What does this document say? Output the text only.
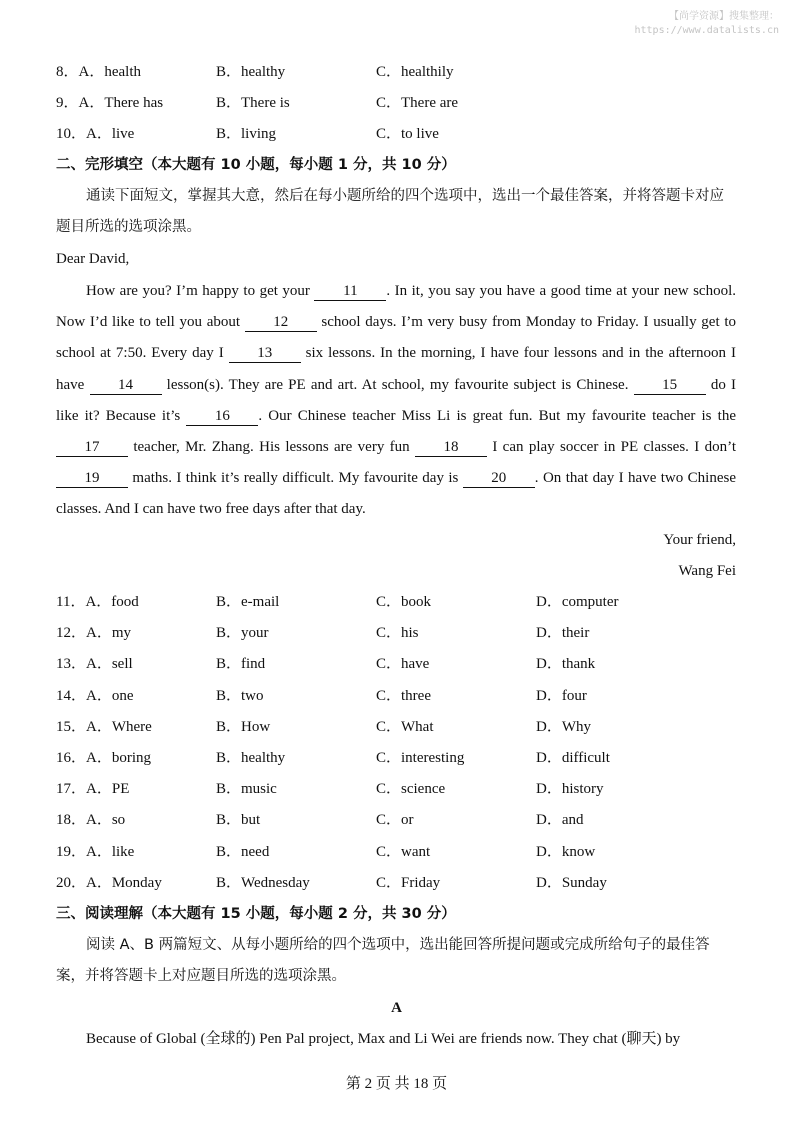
【尚学资源】搜集整理：
https://www.datalists.cn
8．A．health	B．healthy	C．healthily
9．A．There has	B．There is	C．There are
10．A．live	B．living	C．to live
二、完形填空（本大题有 10 小题，每小题 1 分，共 10 分）
通读下面短文，掌握其大意，然后在每小题所给的四个选项中，选出一个最佳答案，并将答题卡对应题目所选的选项涂黑。
Dear David,
How are you? I’m happy to get your 11 . In it, you say you have a good time at your new school. Now I’d like to tell you about 12 school days. I’m very busy from Monday to Friday. I usually get to school at 7:50. Every day I 13 six lessons. In the morning, I have four lessons and in the afternoon I have 14 lesson(s). They are PE and art. At school, my favourite subject is Chinese. 15 do I like it? Because it’s 16 . Our Chinese teacher Miss Li is great fun. But my favourite teacher is the 17 teacher, Mr. Zhang. His lessons are very fun 18 I can play soccer in PE classes. I don’t 19 maths. I think it’s really difficult. My favourite day is 20 . On that day I have two Chinese classes. And I can have two free days after that day.
Your friend,
Wang Fei
11．A．food	B．e-mail	C．book	D．computer
12．A．my	B．your	C．his	D．their
13．A．sell	B．find	C．have	D．thank
14．A．one	B．two	C．three	D．four
15．A．Where	B．How	C．What	D．Why
16．A．boring	B．healthy	C．interesting	D．difficult
17．A．PE	B．music	C．science	D．history
18．A．so	B．but	C．or	D．and
19．A．like	B．need	C．want	D．know
20．A．Monday	B．Wednesday	C．Friday	D．Sunday
三、阅读理解（本大题有 15 小题，每小题 2 分，共 30 分）
阅读 A、B 两篇短文、从每小题所给的四个选项中，选出能回答所提问题或完成所给句子的最佳答案，并将答题卡上对应题目所选的选项涂黑。
A
Because of Global (全球的) Pen Pal project, Max and Li Wei are friends now. They chat (聊天) by
第 2 页 共 18 页
